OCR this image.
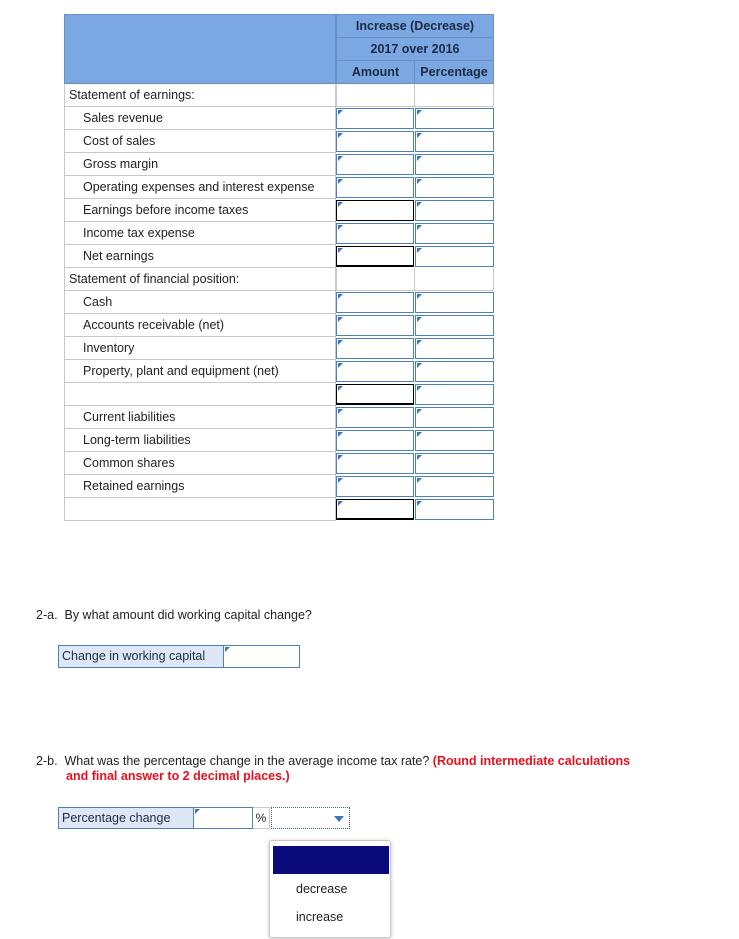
Increase (Decrease)
2017 over 2016
Amount	Percentage
Statement of earnings:
Sales revenue
Cost of sales
Gross margin
Operating expenses and interest expense
Earnings before income taxes
Income tax expense
Net earnings
Statement of financial position:
Cash
Accounts receivable (net)
Inventory
Property, plant and equipment (net)
Current liabilities
Long-term liabilities
Common shares
Retained earnings
2-a. By what amount did working capital change?
Change in working capital
2-b. What was the percentage change in the average income tax rate? (Round intermediate calculations
and final answer to 2 decimal places.)
Percentage change	%
decrease
increase
